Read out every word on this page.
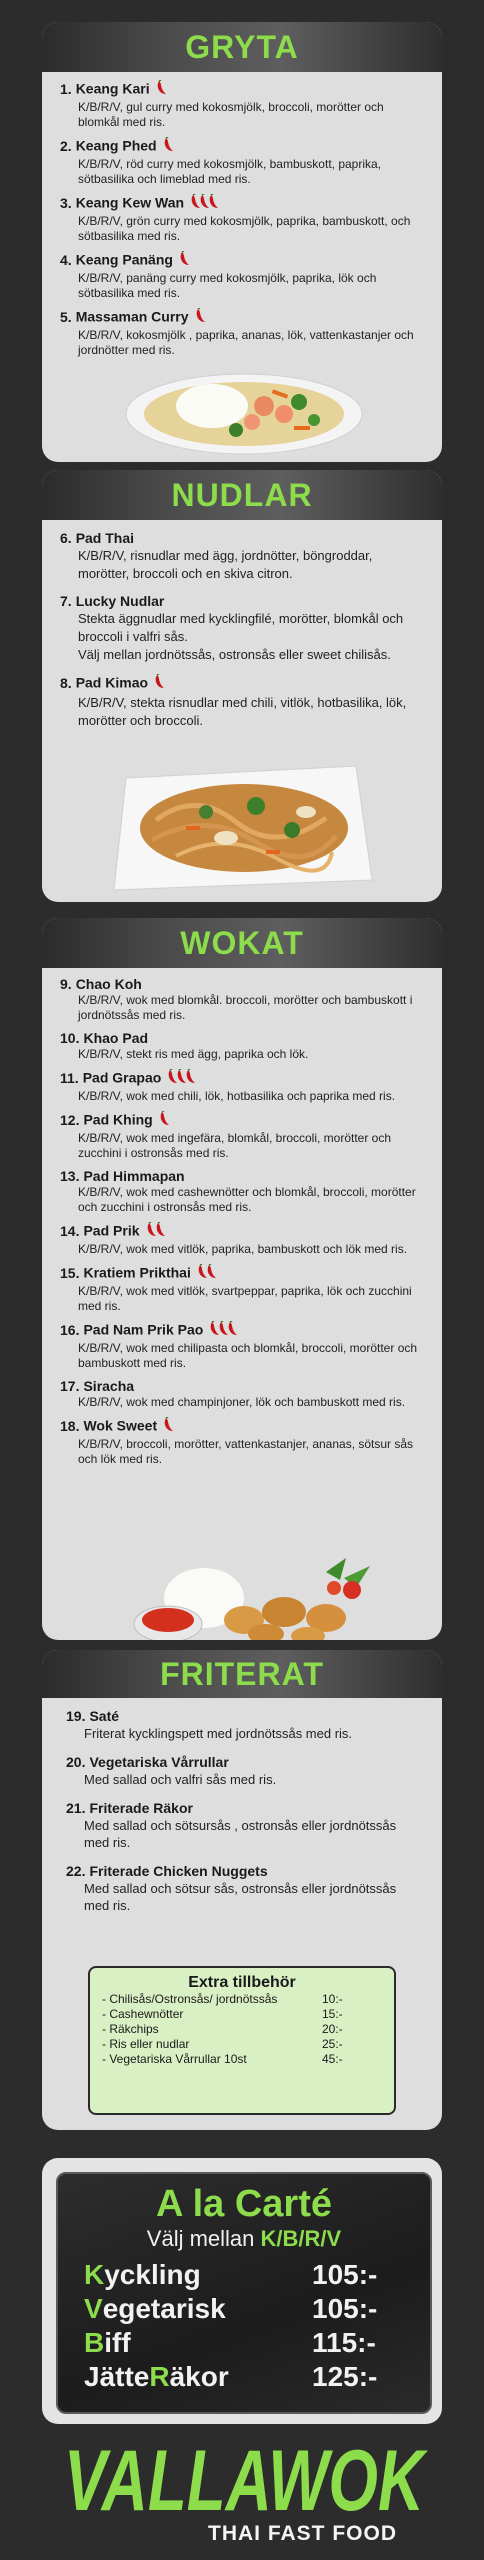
GRYTA
1. Keang Kari
K/B/R/V, gul curry med kokosmjölk, broccoli, morötter och blomkål med ris.
2. Keang Phed
K/B/R/V, röd curry med kokosmjölk, bambuskott, paprika, sötbasilika och limeblad med ris.
3. Keang Kew Wan
K/B/R/V, grön curry med kokosmjölk, paprika, bambuskott, och sötbasilika med ris.
4. Keang Panäng
K/B/R/V, panäng curry med kokosmjölk, paprika, lök och sötbasilika med ris.
5. Massaman Curry
K/B/R/V, kokosmjölk , paprika, ananas, lök, vattenkastanjer och jordnötter med ris.
NUDLAR
6. Pad Thai
K/B/R/V, risnudlar med ägg, jordnötter, böngroddar, morötter, broccoli och en skiva citron.
7. Lucky Nudlar
Stekta äggnudlar med kycklingfilé, morötter, blomkål och broccoli i valfri sås.
Välj mellan jordnötssås, ostronsås eller sweet chilisås.
8. Pad Kimao
K/B/R/V, stekta risnudlar med chili, vitlök, hotbasilika, lök, morötter och broccoli.
WOKAT
9. Chao Koh
K/B/R/V, wok med blomkål. broccoli, morötter och bambuskott i jordnötssås med ris.
10. Khao Pad
K/B/R/V, stekt ris med ägg, paprika och lök.
11. Pad Grapao
K/B/R/V, wok med chili, lök, hotbasilika och paprika med ris.
12. Pad Khing
K/B/R/V, wok med ingefära, blomkål, broccoli, morötter och zucchini i ostronsås med ris.
13. Pad Himmapan
K/B/R/V, wok med cashewnötter och blomkål, broccoli, morötter och zucchini i ostronsås med ris.
14. Pad Prik
K/B/R/V, wok med vitlök, paprika, bambuskott och lök med ris.
15. Kratiem Prikthai
K/B/R/V, wok med vitlök, svartpeppar, paprika, lök och zucchini med ris.
16. Pad Nam Prik Pao
K/B/R/V, wok med chilipasta och blomkål, broccoli, morötter och bambuskott med ris.
17. Siracha
K/B/R/V, wok med champinjoner, lök och bambuskott med ris.
18. Wok Sweet
K/B/R/V, broccoli, morötter, vattenkastanjer, ananas, sötsur sås och lök med ris.
FRITERAT
19. Saté
Friterat kycklingspett med jordnötssås med ris.
20. Vegetariska Vårrullar
Med sallad och valfri sås med ris.
21. Friterade Räkor
Med sallad och sötsursås , ostronsås eller jordnötssås med ris.
22. Friterade Chicken Nuggets
Med sallad och sötsur sås, ostronsås eller jordnötssås med ris.
Extra tillbehör
- Chilisås/Ostronsås/ jordnötssås	10:-
- Cashewnötter	15:-
- Räkchips	20:-
- Ris eller nudlar	25:-
- Vegetariska Vårrullar 10st	45:-
A la Carté
Välj mellan K/B/R/V
Kyckling	105:-
Vegetarisk	105:-
Biff	115:-
JätteRäkor	125:-
VALLAWOK
THAI FAST FOOD
